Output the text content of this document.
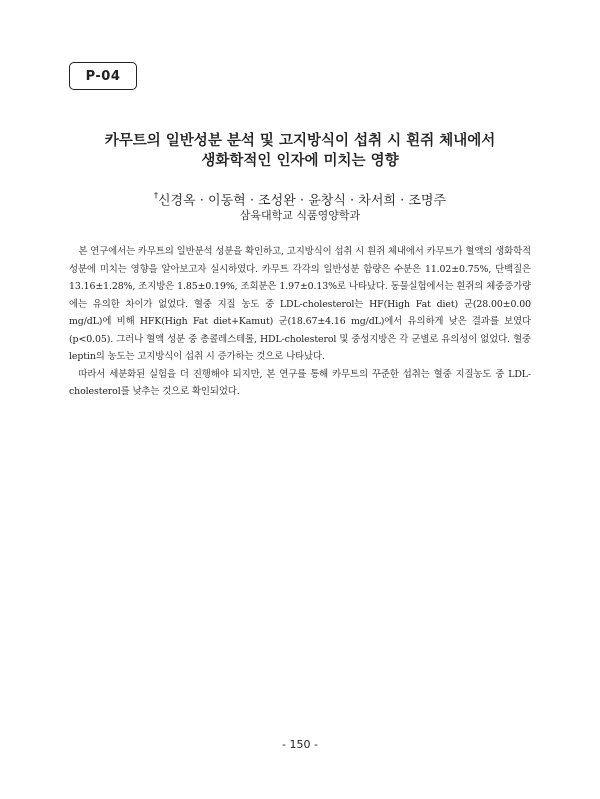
P-04
카무트의 일반성분 분석 및 고지방식이 섭취 시 흰쥐 체내에서
생화학적인 인자에 미치는 영향
†신경옥 · 이동혁 · 조성완 · 윤창식 · 차서희 · 조명주
삼육대학교 식품영양학과

본 연구에서는 카무트의 일반분석 성분을 확인하고, 고지방식이 섭취 시 흰쥐 체내에서 카무트가 혈액의 생화학적 성분에 미치는 영향을 알아보고자 실시하였다. 카무트 각각의 일반성분 함량은 수분은 11.02±0.75%, 단백질은 13.16±1.28%, 조지방은 1.85±0.19%, 조회분은 1.97±0.13%로 나타났다. 동물실험에서는 흰쥐의 체중증가량에는 유의한 차이가 없었다. 혈중 지질 농도 중 LDL-cholesterol는 HF(High Fat diet) 군(28.00±0.00 mg/dL)에 비해 HFK(High Fat diet+Kamut) 군(18.67±4.16 mg/dL)에서 유의하게 낮은 결과를 보였다(p<0.05). 그러나 혈액 성분 중 총콜레스테롤, HDL-cholesterol 및 중성지방은 각 군별로 유의성이 없었다. 혈중 leptin의 농도는 고지방식이 섭취 시 증가하는 것으로 나타났다.

따라서 세분화된 실험을 더 진행해야 되지만, 본 연구를 통해 카무트의 꾸준한 섭취는 혈중 지질농도 중 LDL-cholesterol를 낮추는 것으로 확인되었다.

- 150 -
